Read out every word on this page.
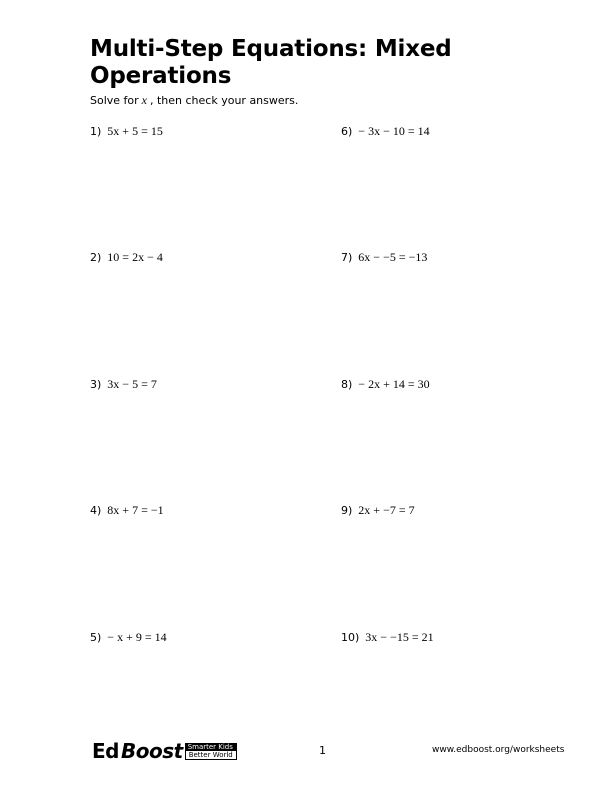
Multi-Step Equations: Mixed Operations
Solve for x , then check your answers.
1) 5x + 5 = 15
2) 10 = 2x − 4
3) 3x − 5 = 7
4) 8x + 7 = −1
5) − x + 9 = 14
6) − 3x − 10 = 14
7) 6x − −5 = −13
8) − 2x + 14 = 30
9) 2x + −7 = 7
10) 3x − −15 = 21
Ed Boost Smarter Kids
Better World	1	www.edboost.org/worksheets
